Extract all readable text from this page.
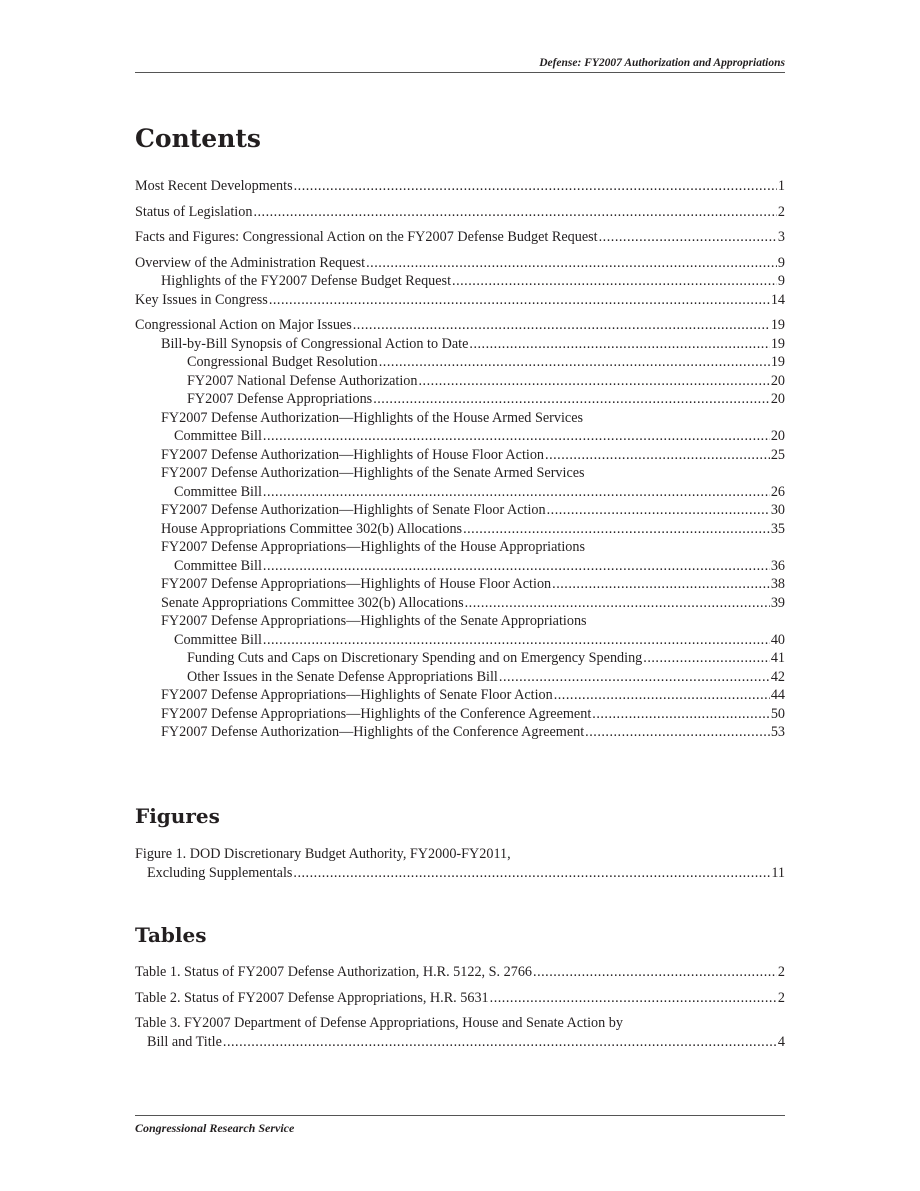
Defense: FY2007 Authorization and Appropriations
Contents
Most Recent Developments .....	1
Status of Legislation .....	2
Facts and Figures: Congressional Action on the FY2007 Defense Budget Request .....	3
Overview of the Administration Request .....	9
Highlights of the FY2007 Defense Budget Request .....	9
Key Issues in Congress .....	14
Congressional Action on Major Issues .....	19
Bill-by-Bill Synopsis of Congressional Action to Date .....	19
Congressional Budget Resolution .....	19
FY2007 National Defense Authorization .....	20
FY2007 Defense Appropriations .....	20
FY2007 Defense Authorization—Highlights of the House Armed Services
Committee Bill .....	20
FY2007 Defense Authorization—Highlights of House Floor Action .....	25
FY2007 Defense Authorization—Highlights of the Senate Armed Services
Committee Bill .....	26
FY2007 Defense Authorization—Highlights of Senate Floor Action .....	30
House Appropriations Committee 302(b) Allocations .....	35
FY2007 Defense Appropriations—Highlights of the House Appropriations
Committee Bill .....	36
FY2007 Defense Appropriations—Highlights of House Floor Action .....	38
Senate Appropriations Committee 302(b) Allocations .....	39
FY2007 Defense Appropriations—Highlights of the Senate Appropriations
Committee Bill .....	40
Funding Cuts and Caps on Discretionary Spending and on Emergency Spending .....	41
Other Issues in the Senate Defense Appropriations Bill .....	42
FY2007 Defense Appropriations—Highlights of Senate Floor Action .....	44
FY2007 Defense Appropriations—Highlights of the Conference Agreement .....	50
FY2007 Defense Authorization—Highlights of the Conference Agreement .....	53
Figures
Figure 1. DOD Discretionary Budget Authority, FY2000-FY2011,
Excluding Supplementals .....	11
Tables
Table 1. Status of FY2007 Defense Authorization, H.R. 5122, S. 2766 .....	2
Table 2. Status of FY2007 Defense Appropriations, H.R. 5631 .....	2
Table 3. FY2007 Department of Defense Appropriations, House and Senate Action by
Bill and Title .....	4
Congressional Research Service
